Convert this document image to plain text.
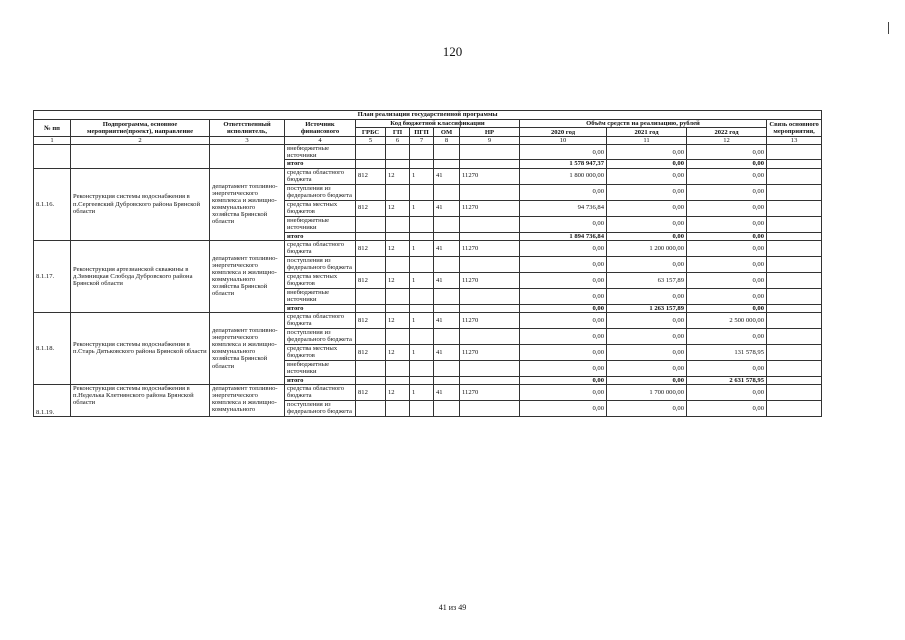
120
План реализации государственной программы												
№ пп	Подпрограмма, основное мероприятие(проект), направление	Ответственный исполнитель,	Источник финансового	Код бюджетной классификации					Объём средств на реализацию, рублей			Связь основного мероприятия,
				ГРБС	ГП	ПГП	ОМ	НР	2020 год	2021 год	2022 год	
1	2	3	4	5	6	7	8	9	10	11	12	13
			внебюджетные источники						0,00	0,00	0,00	
			итого						1 578 947,37	0,00	0,00	
8.1.16.	Реконструкция системы водоснабжения в п.Сергеевский Дубровского района Брянской области	департамент топливно-энергетического комплекса и жилищно-коммунального хозяйства Брянской области	средства областного бюджета	812	12	1	41	11270	1 800 000,00	0,00	0,00	
			поступления из федерального бюджета						0,00	0,00	0,00	
			средства местных бюджетов	812	12	1	41	11270	94 736,84	0,00	0,00	
			внебюджетные источники						0,00	0,00	0,00	
			итого						1 894 736,84	0,00	0,00	
8.1.17.	Реконструкция артезианской скважины в д.Зимницкая Слобода Дубровского района Брянской области	департамент топливно-энергетического комплекса и жилищно-коммунального хозяйства Брянской области	средства областного бюджета	812	12	1	41	11270	0,00	1 200 000,00	0,00	
			поступления из федерального бюджета						0,00	0,00	0,00	
			средства местных бюджетов	812	12	1	41	11270	0,00	63 157,89	0,00	
			внебюджетные источники						0,00	0,00	0,00	
			итого						0,00	1 263 157,89	0,00	
8.1.18.	Реконструкция системы водоснабжения в п.Старь Дятьковского района Брянской области	департамент топливно-энергетического комплекса и жилищно-коммунального хозяйства Брянской области	средства областного бюджета	812	12	1	41	11270	0,00	0,00	2 500 000,00	
			поступления из федерального бюджета						0,00	0,00	0,00	
			средства местных бюджетов	812	12	1	41	11270	0,00	0,00	131 578,95	
			внебюджетные источники						0,00	0,00	0,00	
			итого						0,00	0,00	2 631 578,95	
8.1.19.	Реконструкция системы водоснабжения в п.Неделька Клетнянского района Брянской области	департамент топливно-энергетического комплекса и жилищно-коммунального	средства областного бюджета	812	12	1	41	11270	0,00	1 700 000,00	0,00	
			поступления из федерального бюджета						0,00	0,00	0,00	
41 из 49
